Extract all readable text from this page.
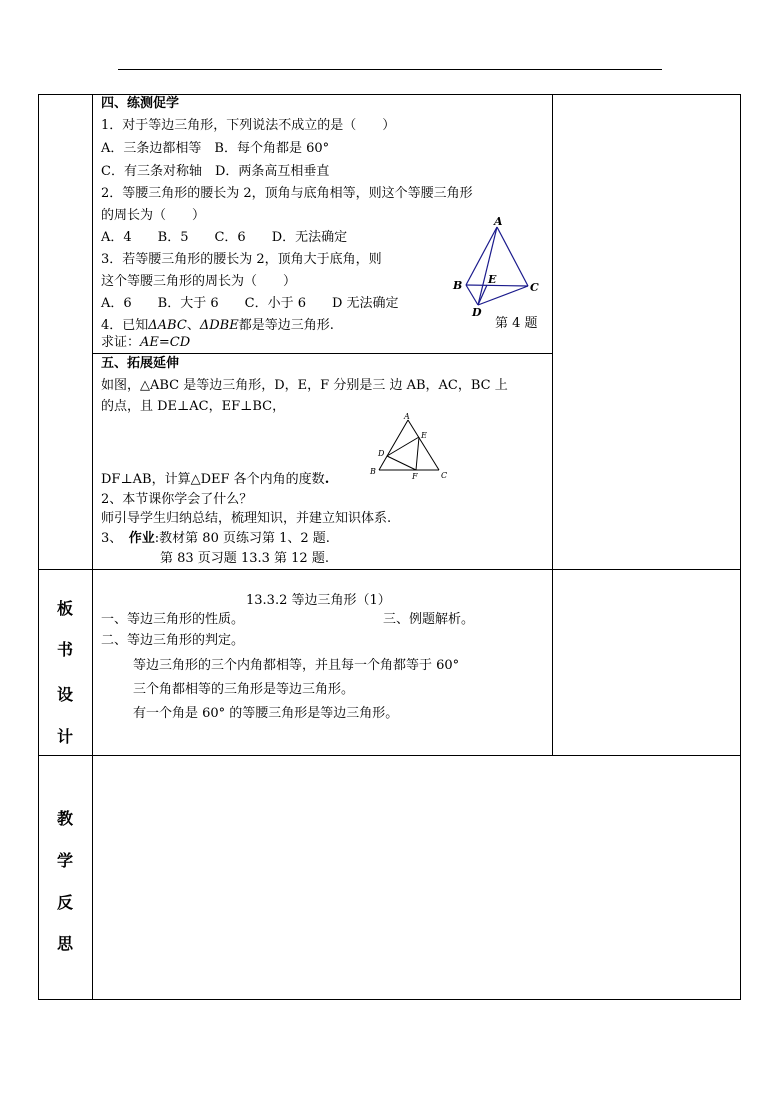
四、练测促学
1．对于等边三角形，下列说法不成立的是（　　）
A．三条边都相等　B．每个角都是 60°
C．有三条对称轴　D．两条高互相垂直
2．等腰三角形的腰长为 2，顶角与底角相等，则这个等腰三角形
的周长为（　　）
A．4　　B．5　　C．6　　D．无法确定
3．若等腰三角形的腰长为 2，顶角大于底角，则
这个等腰三角形的周长为（　　）
A．6　　B．大于 6　　C．小于 6　　D 无法确定
4．已知ΔABC、ΔDBE都是等边三角形.
求证：AE=CD
第 4 题
A
B	C
D
E
五、拓展延伸
如图，△ABC 是等边三角形，D，E，F 分别是三 边 AB，AC，BC 上
的点，且 DE⊥AC，EF⊥BC，
DF⊥AB，计算△DEF 各个内角的度数.
2、本节课你学会了什么？
师引导学生归纳总结，梳理知识，并建立知识体系.
3、　作业:教材第 80 页练习第 1、2 题.
第 83 页习题 13.3 第 12 题.
A
B	C
D
E
F
板
书
设
计
13.3.2 等边三角形（1）
一、等边三角形的性质。	三、例题解析。
二、等边三角形的判定。
等边三角形的三个内角都相等，并且每一个角都等于 60°
三个角都相等的三角形是等边三角形。
有一个角是 60° 的等腰三角形是等边三角形。
教
学
反
思
